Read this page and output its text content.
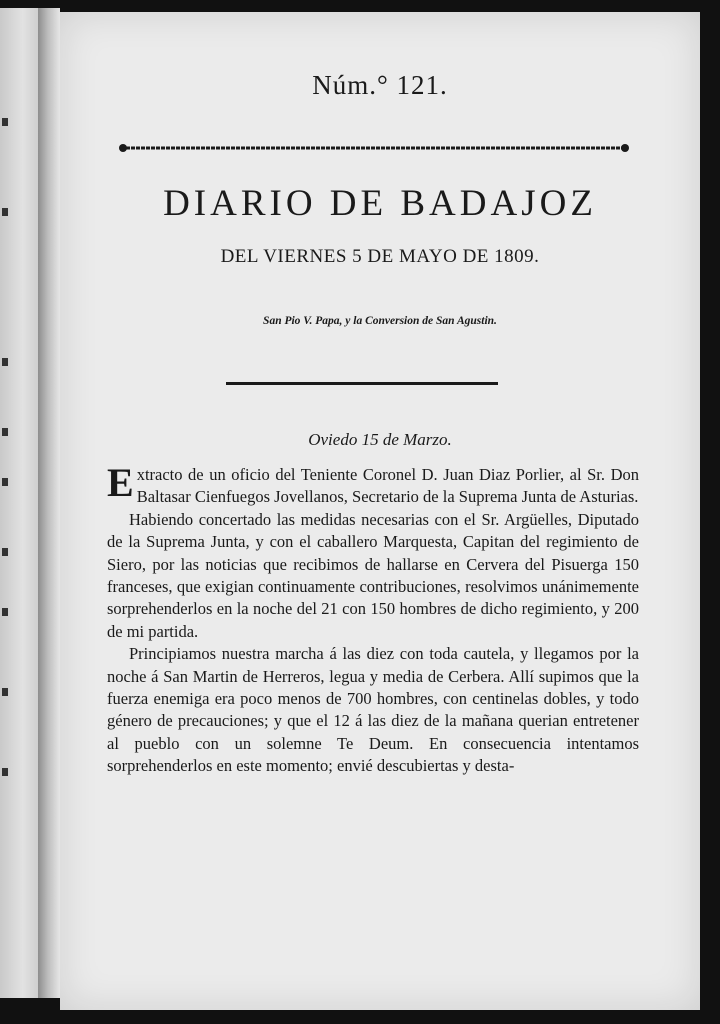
Núm.° 121.
DIARIO DE BADAJOZ
DEL VIERNES 5 DE MAYO DE 1809.
San Pio V. Papa, y la Conversion de San Agustin.
Oviedo 15 de Marzo.

Extracto de un oficio del Teniente Coronel D. Juan Diaz Porlier, al Sr. Don Baltasar Cienfuegos Jovellanos, Secretario de la Suprema Junta de Asturias.

Habiendo concertado las medidas necesarias con el Sr. Argüelles, Diputado de la Suprema Junta, y con el caballero Marquesta, Capitan del regimiento de Siero, por las noticias que recibimos de hallarse en Cervera del Pisuerga 150 franceses, que exigian continuamente contribuciones, resolvimos unánimemente sorprehenderlos en la noche del 21 con 150 hombres de dicho regimiento, y 200 de mi partida.

Principiamos nuestra marcha á las diez con toda cautela, y llegamos por la noche á San Martin de Herreros, legua y media de Cerbera. Allí supimos que la fuerza enemiga era poco menos de 700 hombres, con centinelas dobles, y todo género de precauciones; y que el 12 á las diez de la mañana querian entretener al pueblo con un solemne Te Deum. En consecuencia intentamos sorprehenderlos en este momento; envié descubiertas y desta-
